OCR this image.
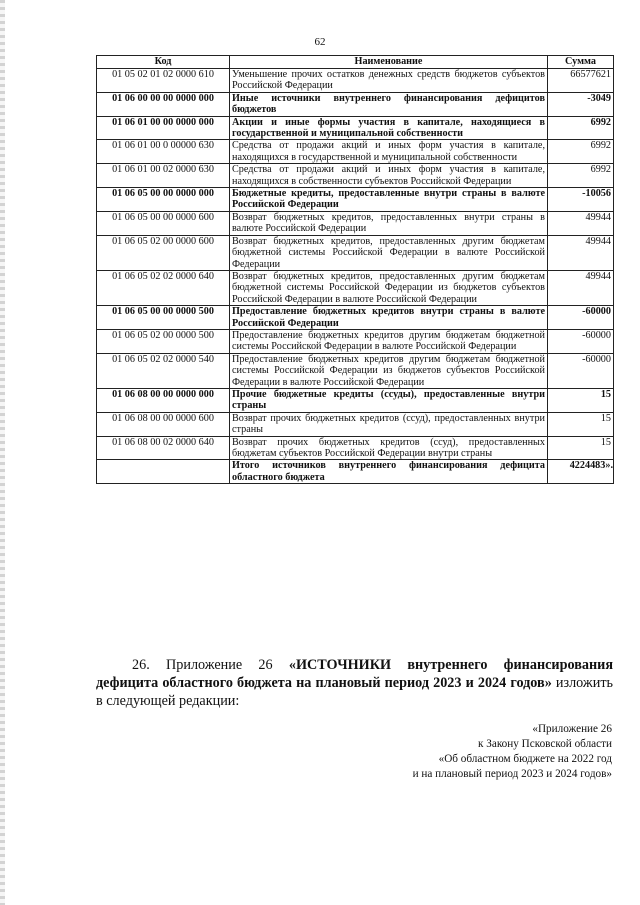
62
Код	Наименование	Сумма
01 05 02 01 02 0000 610	Уменьшение прочих остатков денежных средств бюджетов субъектов Российской Федерации	66577621
01 06 00 00 00 0000 000	Иные источники внутреннего финансирования дефицитов бюджетов	-3049
01 06 01 00 00 0000 000	Акции и иные формы участия в капитале, находящиеся в государственной и муниципальной собственности	6992
01 06 01 00 0 00000 630	Средства от продажи акций и иных форм участия в капитале, находящихся в государственной и муниципальной собственности	6992
01 06 01 00 02 0000 630	Средства от продажи акций и иных форм участия в капитале, находящихся в собственности субъектов Российской Федерации	6992
01 06 05 00 00 0000 000	Бюджетные кредиты, предоставленные внутри страны в валюте Российской Федерации	-10056
01 06 05 00 00 0000 600	Возврат бюджетных кредитов, предоставленных внутри страны в валюте Российской Федерации	49944
01 06 05 02 00 0000 600	Возврат бюджетных кредитов, предоставленных другим бюджетам бюджетной системы Российской Федерации в валюте Российской Федерации	49944
01 06 05 02 02 0000 640	Возврат бюджетных кредитов, предоставленных другим бюджетам бюджетной системы Российской Федерации из бюджетов субъектов Российской Федерации в валюте Российской Федерации	49944
01 06 05 00 00 0000 500	Предоставление бюджетных кредитов внутри страны в валюте Российской Федерации	-60000
01 06 05 02 00 0000 500	Предоставление бюджетных кредитов другим бюджетам бюджетной системы Российской Федерации в валюте Российской Федерации	-60000
01 06 05 02 02 0000 540	Предоставление бюджетных кредитов другим бюджетам бюджетной системы Российской Федерации из бюджетов субъектов Российской Федерации в валюте Российской Федерации	-60000
01 06 08 00 00 0000 000	Прочие бюджетные кредиты (ссуды), предоставленные внутри страны	15
01 06 08 00 00 0000 600	Возврат прочих бюджетных кредитов (ссуд), предоставленных внутри страны	15
01 06 08 00 02 0000 640	Возврат прочих бюджетных кредитов (ссуд), предоставленных бюджетам субъектов Российской Федерации внутри страны	15
	Итого источников внутреннего финансирования дефицита областного бюджета	4224483».
26. Приложение 26 «ИСТОЧНИКИ внутреннего финансирования дефицита областного бюджета на плановый период 2023 и 2024 годов» изложить в следующей редакции:
«Приложение 26
к Закону Псковской области
«Об областном бюджете на 2022 год
и на плановый период 2023 и 2024 годов»
